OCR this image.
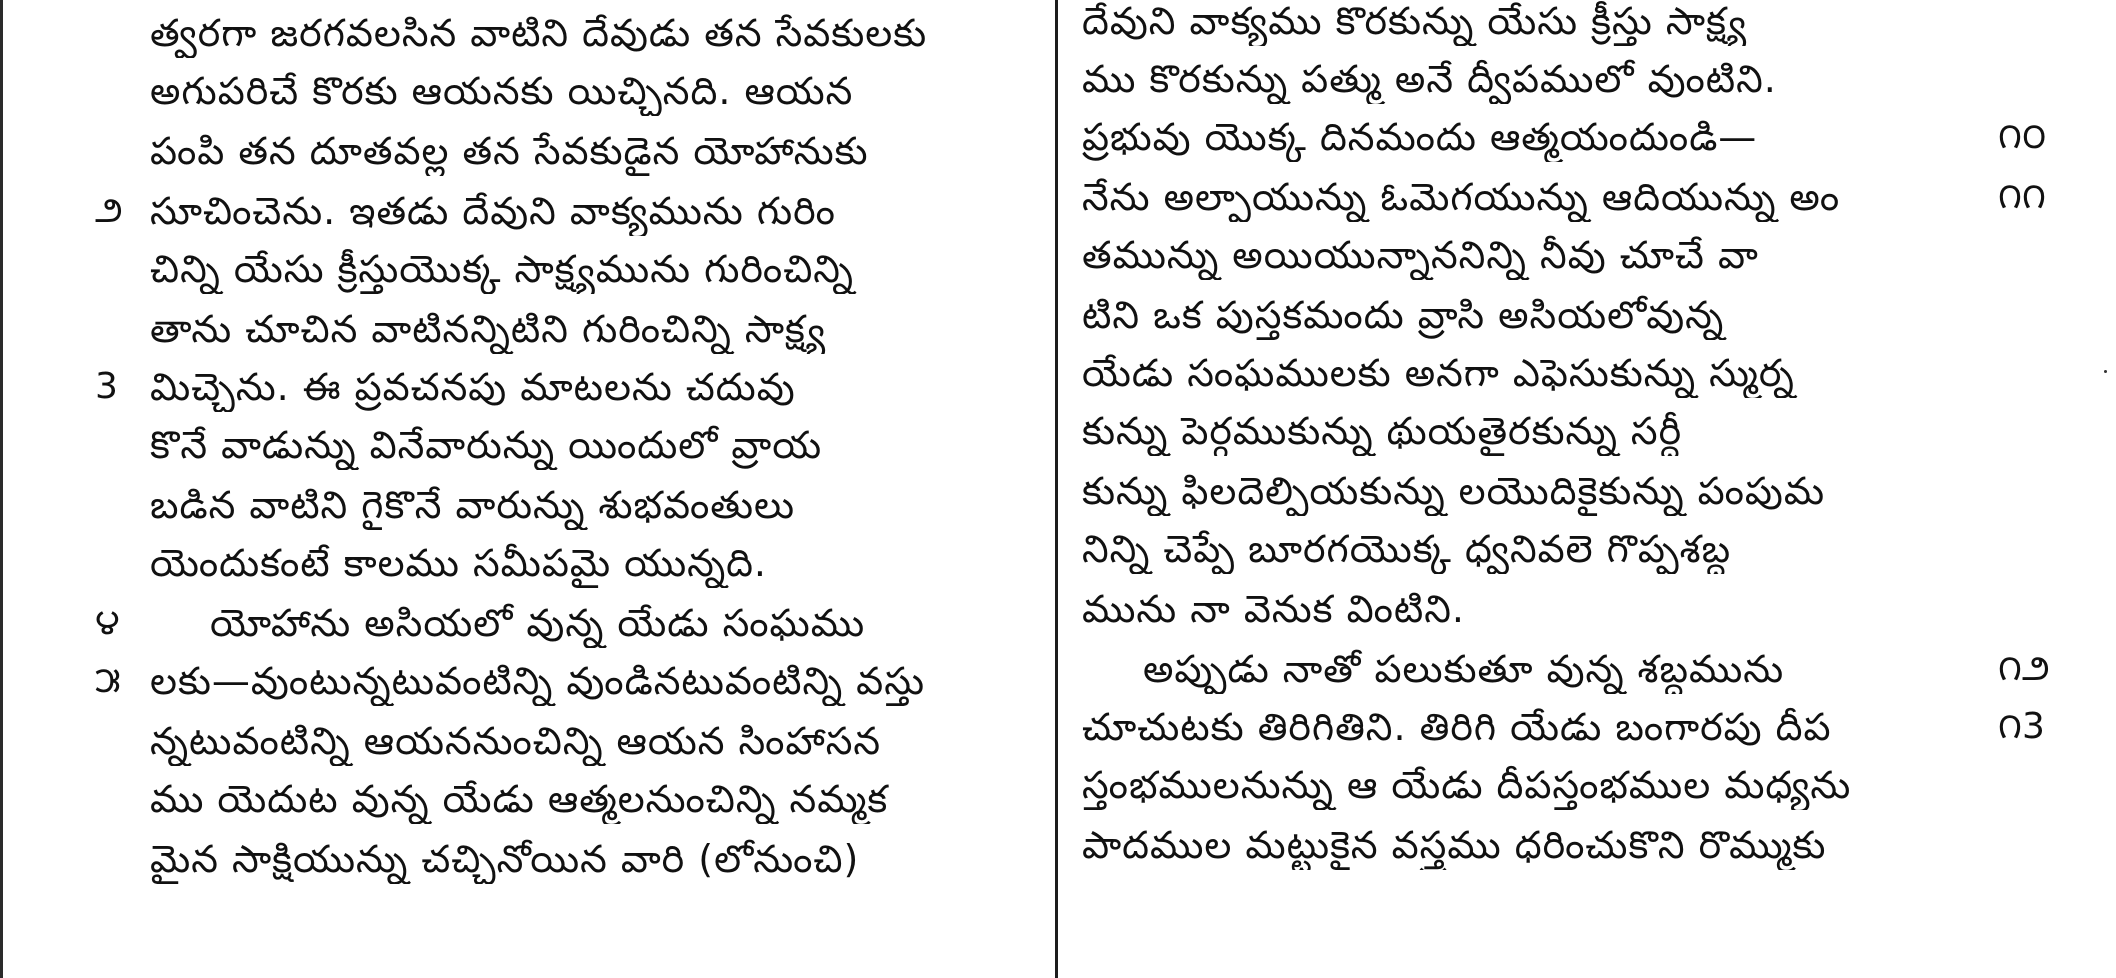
త్వరగా జరగవలసిన వాటిని దేవుడు తన సేవకులకు
అగుపరిచే కొరకు ఆయనకు యిచ్చినది. ఆయన
పంపి తన దూతవల్ల తన సేవకుడైన యోహానుకు
సూచించెను. ఇతడు దేవుని వాక్యమును గురిం
౨
చిన్ని యేసు క్రీస్తుయొక్క సాక్ష్యమును గురించిన్ని
తాను చూచిన వాటినన్నిటిని గురించిన్ని సాక్ష్య
మిచ్చెను. ఈ ప్రవచనపు మాటలను చదువు
3
కొనే వాడున్ను వినేవారున్ను యిందులో వ్రాయ
బడిన వాటిని గైకొనే వారున్ను శుభవంతులు
యెందుకంటే కాలము సమీపమై యున్నది.
యోహాను అసియలో వున్న యేడు సంఘము
౪
లకు—వుంటున్నటువంటిన్ని వుండినటువంటిన్ని వస్తు
౫
న్నటువంటిన్ని ఆయననుంచిన్ని ఆయన సింహాసన
ము యెదుట వున్న యేడు ఆత్మలనుంచిన్ని నమ్మక
మైన సాక్షియున్ను చచ్చినోయిన వారి (లోనుంచి)
దేవుని వాక్యము కొరకున్ను యేసు క్రీస్తు సాక్ష్య
ము కొరకున్ను పత్ము అనే ద్వీపములో వుంటిని.
ప్రభువు యొక్క దినమందు ఆత్మయందుండి—	౧౦
నేను అల్ఫాయున్ను ఓమెగయున్ను ఆదియున్ను అం	౧౧
తమున్ను అయియున్నాననిన్ని నీవు చూచే వా
టిని ఒక పుస్తకమందు వ్రాసి అసియలోవున్న
యేడు సంఘములకు అనగా ఎఫెసుకున్ను స్ముర్న
కున్ను పెర్గముకున్ను థుయతైరకున్ను సర్దీ
కున్ను ఫిలదెల్ఫియకున్ను లయొదికైకున్ను పంపుమ
నిన్ని చెప్పే బూరగయొక్క ధ్వనివలె గొప్పశబ్ద
మును నా వెనుక వింటిని.
అప్పుడు నాతో పలుకుతూ వున్న శబ్దమును	౧౨
చూచుటకు తిరిగితిని. తిరిగి యేడు బంగారపు దీప	౧3
స్తంభములనున్ను ఆ యేడు దీపస్తంభముల మధ్యను
పాదముల మట్టుకైన వస్త్రము ధరించుకొని రొమ్ముకు
